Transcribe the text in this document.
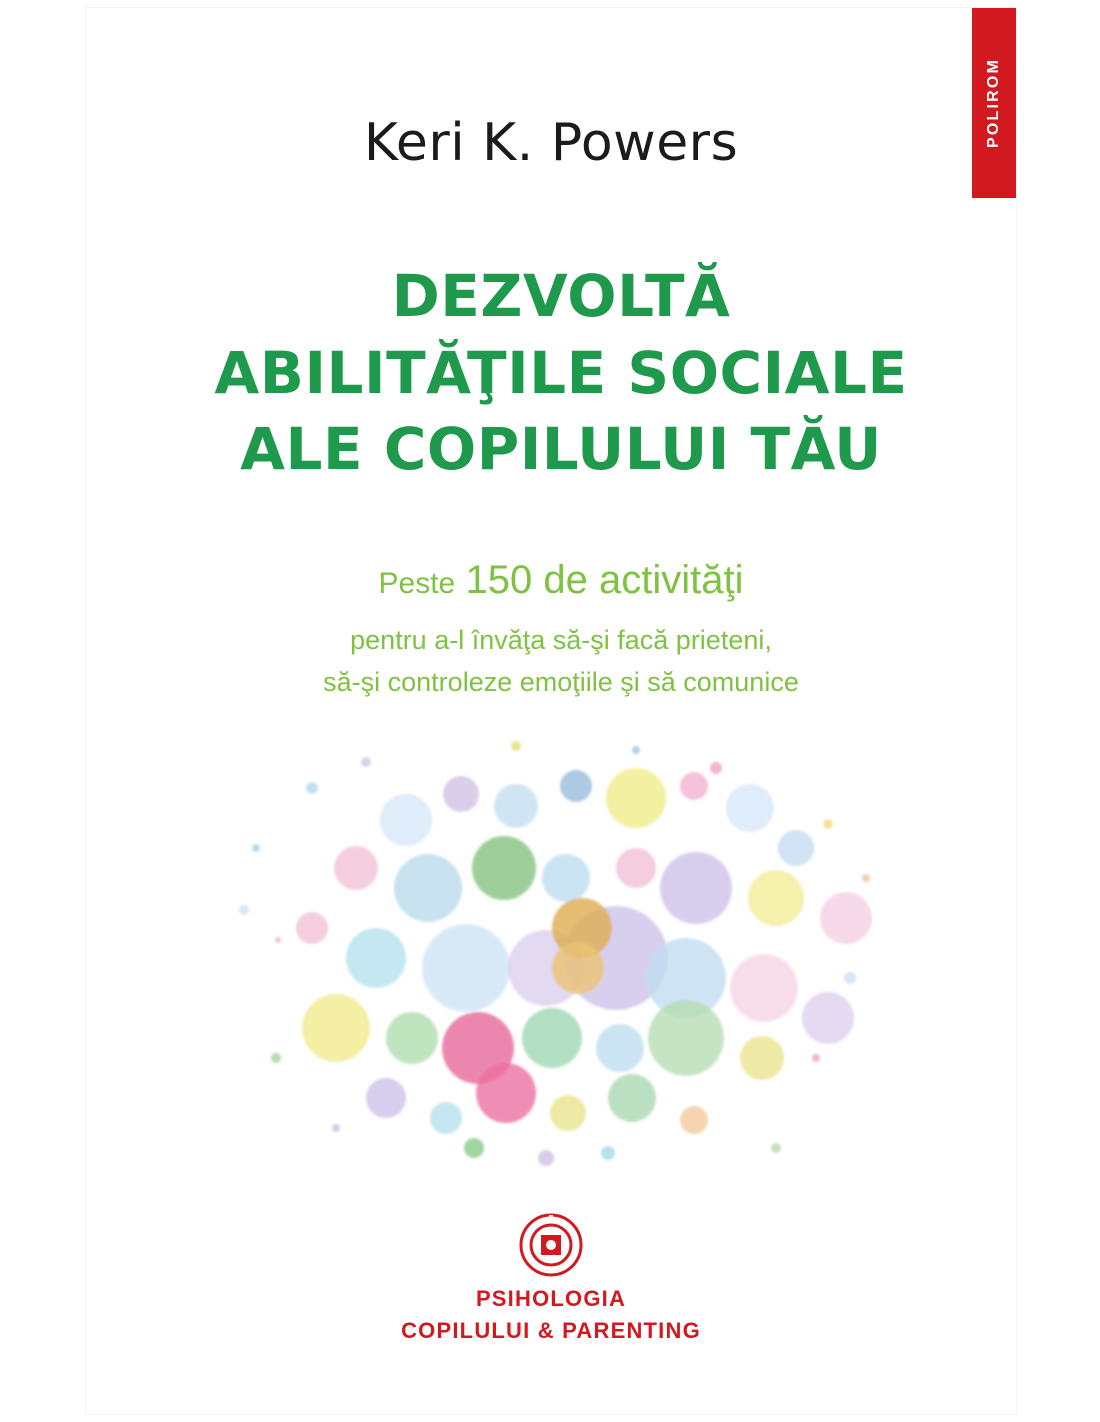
POLIROM
Keri K. Powers
DEZVOLTĂ
ABILITĂŢILE SOCIALE
ALE COPILULUI TĂU
Peste 150 de activităţi
pentru a-l învăţa să-şi facă prieteni,
să-şi controleze emoţiile şi să comunice
PSIHOLOGIA
COPILULUI & PARENTING
